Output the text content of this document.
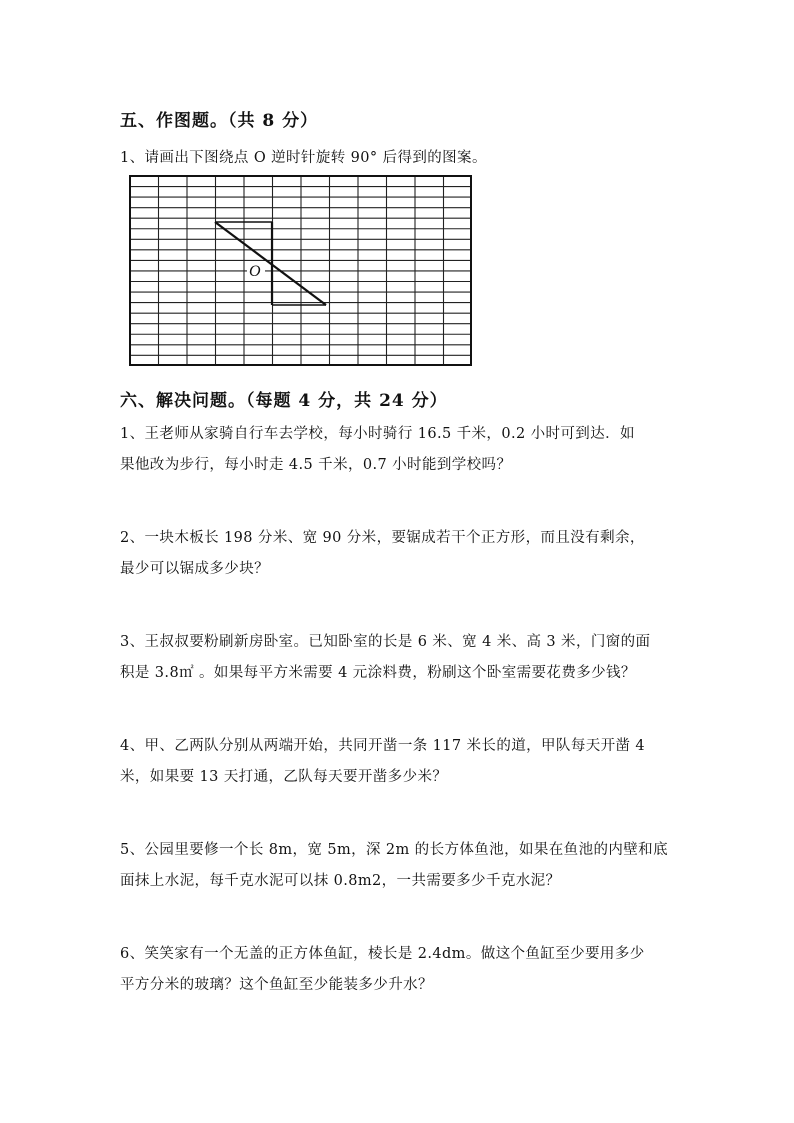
五、作图题。（共 8 分）
1、请画出下图绕点 O 逆时针旋转 90° 后得到的图案。
O
六、解决问题。（每题 4 分，共 24 分）
1、王老师从家骑自行车去学校，每小时骑行 16.5 千米，0.2 小时可到达．如
果他改为步行，每小时走 4.5 千米，0.7 小时能到学校吗？
2、一块木板长 198 分米、宽 90 分米，要锯成若干个正方形，而且没有剩余，
最少可以锯成多少块？
3、王叔叔要粉刷新房卧室。已知卧室的长是 6 米、宽 4 米、高 3 米，门窗的面
积是 3.8㎡ 。如果每平方米需要 4 元涂料费，粉刷这个卧室需要花费多少钱？
4、甲、乙两队分别从两端开始，共同开凿一条 117 米长的道，甲队每天开凿 4
米，如果要 13 天打通，乙队每天要开凿多少米？
5、公园里要修一个长 8m，宽 5m，深 2m 的长方体鱼池，如果在鱼池的内壁和底
面抹上水泥，每千克水泥可以抹 0.8m2，一共需要多少千克水泥？
6、笑笑家有一个无盖的正方体鱼缸，棱长是 2.4dm。做这个鱼缸至少要用多少
平方分米的玻璃？这个鱼缸至少能装多少升水？
